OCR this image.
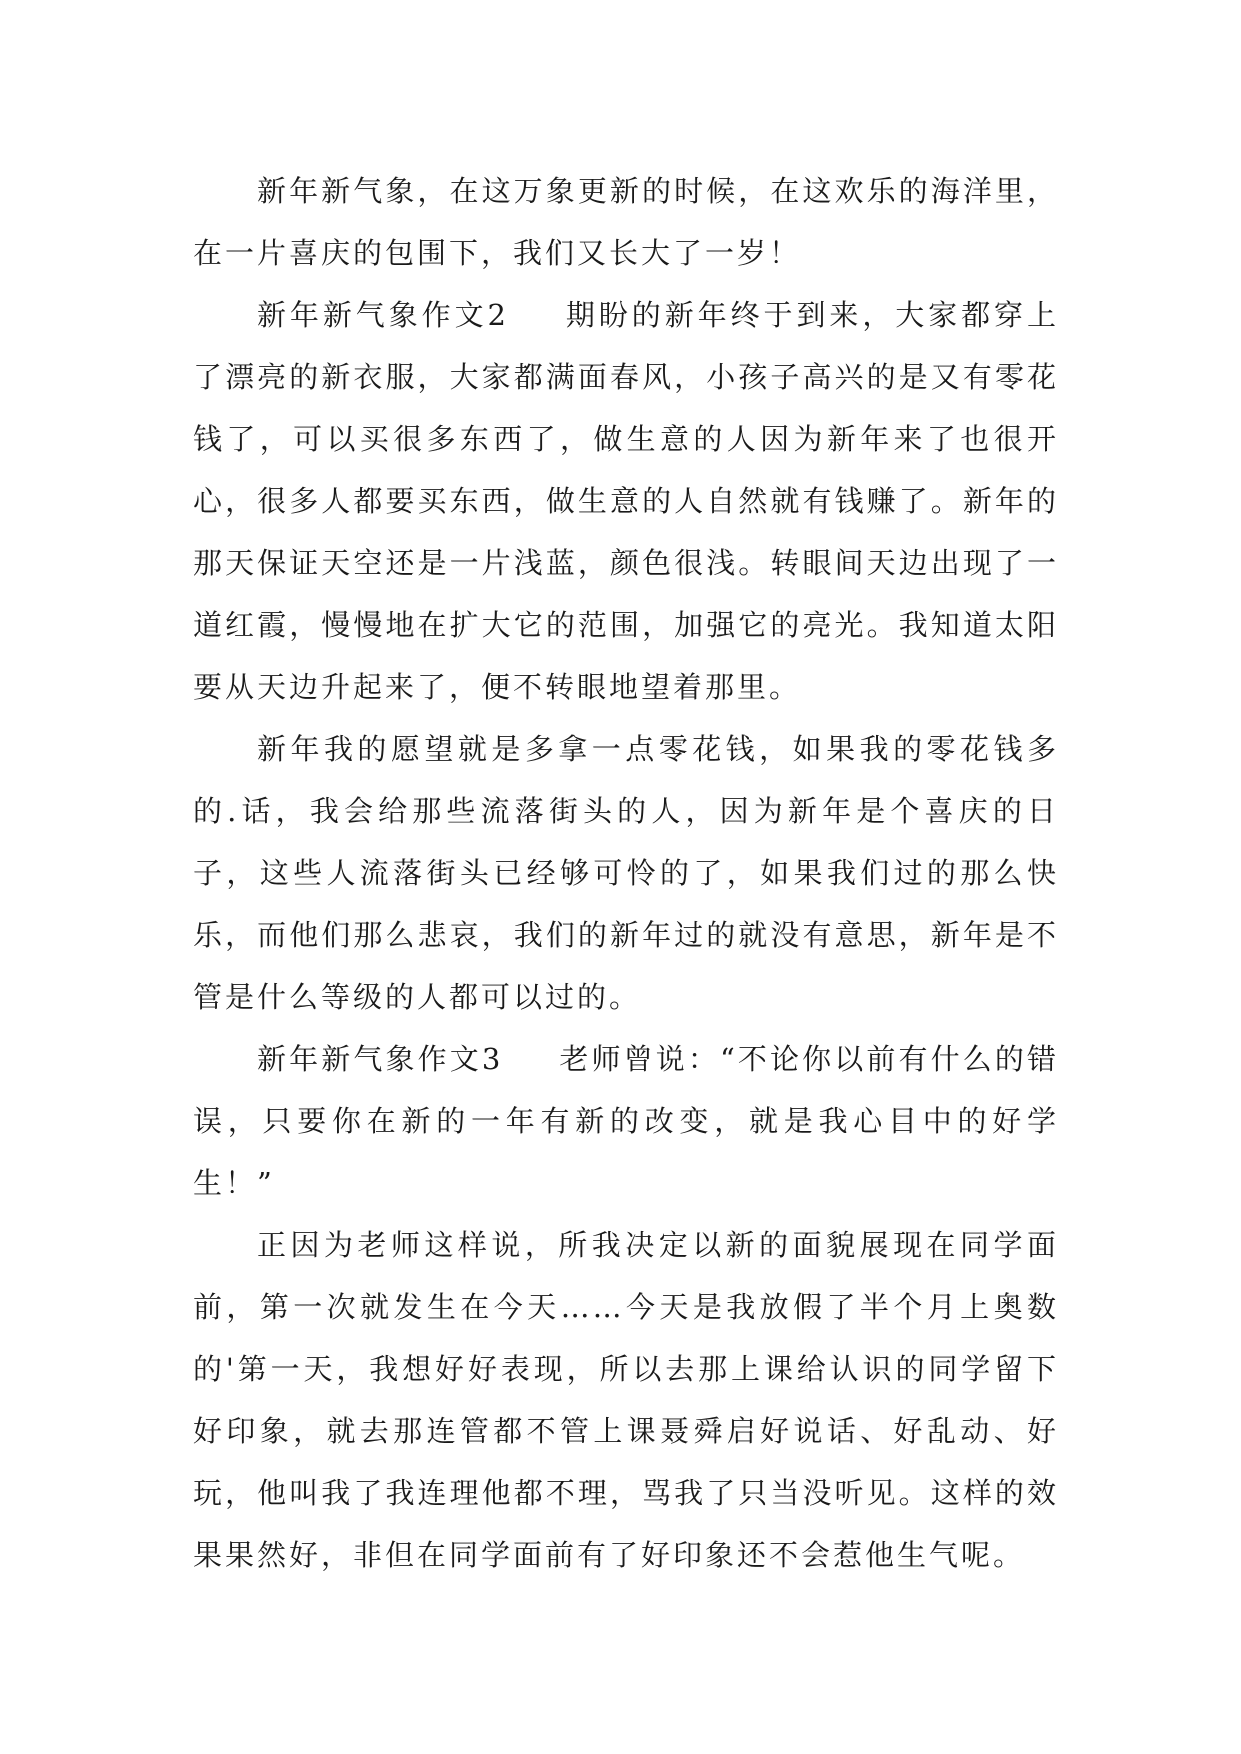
新年新气象，在这万象更新的时候，在这欢乐的海洋里，在一片喜庆的包围下，我们又长大了一岁！

新年新气象作文2 期盼的新年终于到来，大家都穿上了漂亮的新衣服，大家都满面春风，小孩子高兴的是又有零花钱了，可以买很多东西了，做生意的人因为新年来了也很开心，很多人都要买东西，做生意的人自然就有钱赚了。新年的那天保证天空还是一片浅蓝，颜色很浅。转眼间天边出现了一道红霞，慢慢地在扩大它的范围，加强它的亮光。我知道太阳要从天边升起来了，便不转眼地望着那里。

新年我的愿望就是多拿一点零花钱，如果我的零花钱多的.话，我会给那些流落街头的人，因为新年是个喜庆的日子，这些人流落街头已经够可怜的了，如果我们过的那么快乐，而他们那么悲哀，我们的新年过的就没有意思，新年是不管是什么等级的人都可以过的。

新年新气象作文3 老师曾说：“不论你以前有什么的错误，只要你在新的一年有新的改变，就是我心目中的好学生！”

正因为老师这样说，所我决定以新的面貌展现在同学面前，第一次就发生在今天……今天是我放假了半个月上奥数的'第一天，我想好好表现，所以去那上课给认识的同学留下好印象，就去那连管都不管上课聂舜启好说话、好乱动、好玩，他叫我了我连理他都不理，骂我了只当没听见。这样的效果果然好，非但在同学面前有了好印象还不会惹他生气呢。
